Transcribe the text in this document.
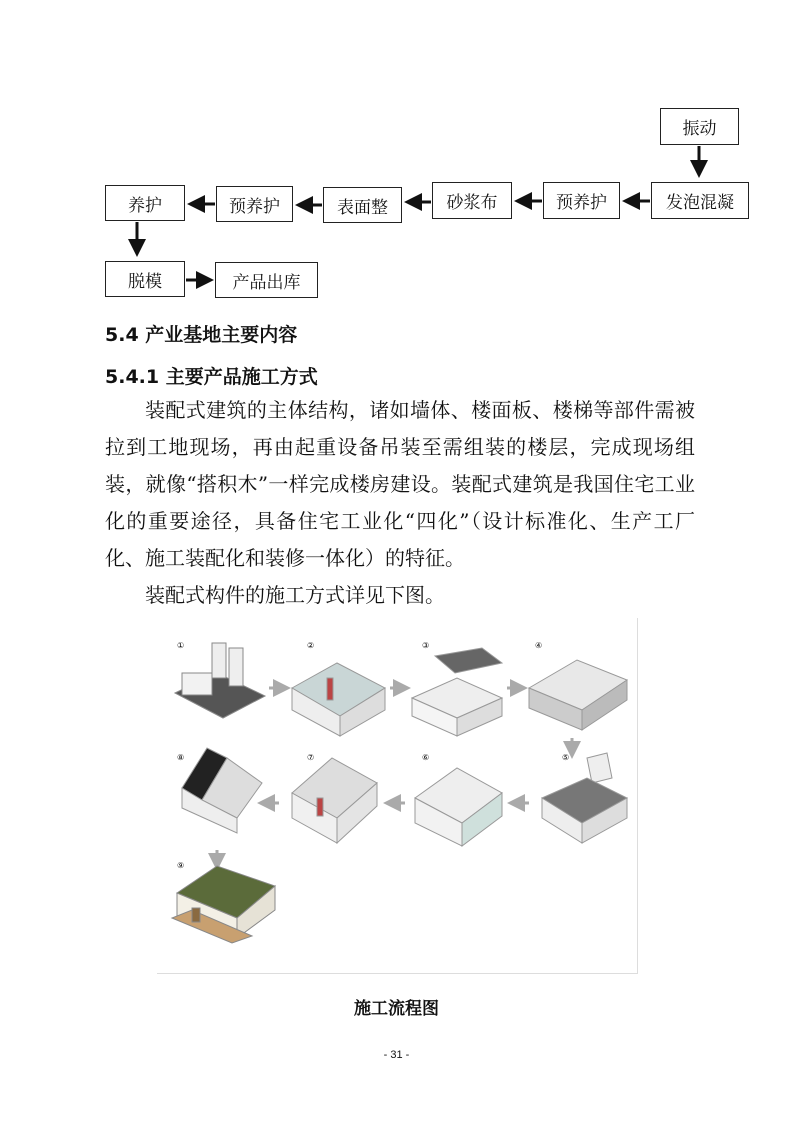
振动
发泡混凝
预养护
砂浆布
表面整
预养护
养护
脱模	产品出库
5.4 产业基地主要内容
5.4.1 主要产品施工方式

装配式建筑的主体结构，诸如墙体、楼面板、楼梯等部件需被拉到工地现场，再由起重设备吊装至需组装的楼层，完成现场组装，就像“搭积木”一样完成楼房建设。装配式建筑是我国住宅工业化的重要途径，具备住宅工业化“四化”（设计标准化、生产工厂化、施工装配化和装修一体化）的特征。

装配式构件的施工方式详见下图。

①	②	③	④
⑤
⑥
⑦
⑧
⑨
施工流程图
- 31 -
